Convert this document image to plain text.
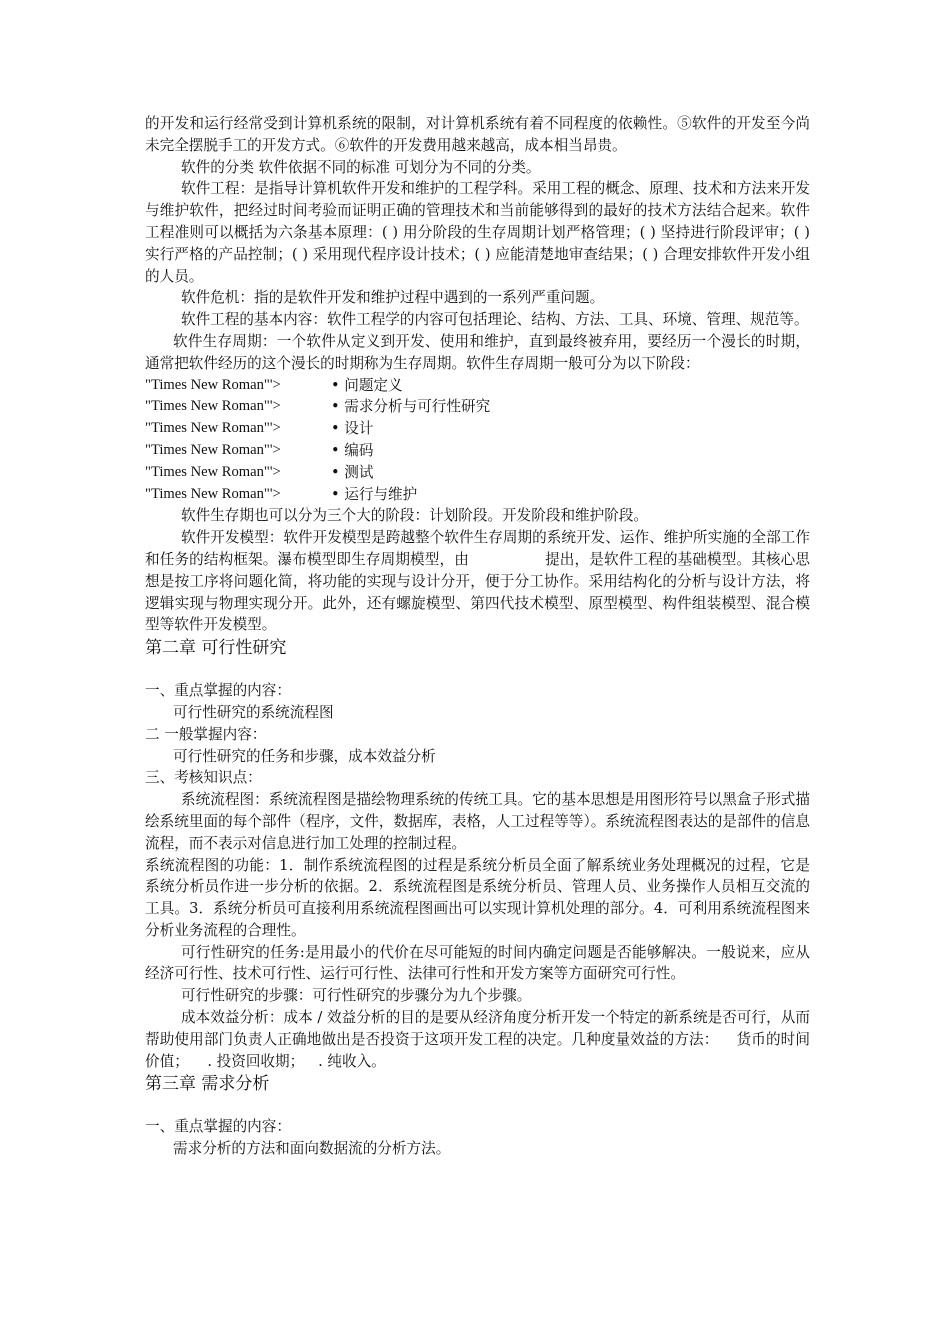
的开发和运行经常受到计算机系统的限制，对计算机系统有着不同程度的依赖性。⑤软件的开发至今尚未完全摆脱手工的开发方式。⑥软件的开发费用越来越高，成本相当昂贵。

软件的分类 软件依据不同的标准 可划分为不同的分类。

软件工程：是指导计算机软件开发和维护的工程学科。采用工程的概念、原理、技术和方法来开发与维护软件，把经过时间考验而证明正确的管理技术和当前能够得到的最好的技术方法结合起来。软件工程准则可以概括为六条基本原理：( ) 用分阶段的生存周期计划严格管理；( ) 坚持进行阶段评审；( ) 实行严格的产品控制；( ) 采用现代程序设计技术；( ) 应能清楚地审查结果；( ) 合理安排软件开发小组的人员。

软件危机：指的是软件开发和维护过程中遇到的一系列严重问题。

软件工程的基本内容：软件工程学的内容可包括理论、结构、方法、工具、环境、管理、规范等。

软件生存周期：一个软件从定义到开发、使用和维护，直到最终被弃用，要经历一个漫长的时期，通常把软件经历的这个漫长的时期称为生存周期。软件生存周期一般可分为以下阶段：

"Times New Roman"'>	• 问题定义
"Times New Roman"'>	• 需求分析与可行性研究
"Times New Roman"'>	• 设计
"Times New Roman"'>	• 编码
"Times New Roman"'>	• 测试
"Times New Roman"'>	• 运行与维护

软件生存期也可以分为三个大的阶段：计划阶段。开发阶段和维护阶段。

软件开发模型：软件开发模型是跨越整个软件生存周期的系统开发、运作、维护所实施的全部工作和任务的结构框架。瀑布模型即生存周期模型，由	提出，是软件工程的基础模型。其核心思想是按工序将问题化简，将功能的实现与设计分开，便于分工协作。采用结构化的分析与设计方法，将逻辑实现与物理实现分开。此外，还有螺旋模型、第四代技术模型、原型模型、构件组装模型、混合模型等软件开发模型。

第二章 可行性研究

一、重点掌握的内容：

可行性研究的系统流程图

二 一般掌握内容：

可行性研究的任务和步骤，成本效益分析

三、考核知识点：

系统流程图：系统流程图是描绘物理系统的传统工具。它的基本思想是用图形符号以黑盒子形式描绘系统里面的每个部件（程序，文件，数据库，表格，人工过程等等）。系统流程图表达的是部件的信息流程，而不表示对信息进行加工处理的控制过程。

系统流程图的功能：1．制作系统流程图的过程是系统分析员全面了解系统业务处理概况的过程，它是系统分析员作进一步分析的依据。2．系统流程图是系统分析员、管理人员、业务操作人员相互交流的工具。3．系统分析员可直接利用系统流程图画出可以实现计算机处理的部分。4．可利用系统流程图来分析业务流程的合理性。

可行性研究的任务:是用最小的代价在尽可能短的时间内确定问题是否能够解决。一般说来，应从经济可行性、技术可行性、运行可行性、法律可行性和开发方案等方面研究可行性。

可行性研究的步骤：可行性研究的步骤分为九个步骤。

成本效益分析：成本 / 效益分析的目的是要从经济角度分析开发一个特定的新系统是否可行，从而帮助使用部门负责人正确地做出是否投资于这项开发工程的决定。几种度量效益的方法： 货币的时间价值； . 投资回收期； . 纯收入。

第三章 需求分析

一、重点掌握的内容：

需求分析的方法和面向数据流的分析方法。
